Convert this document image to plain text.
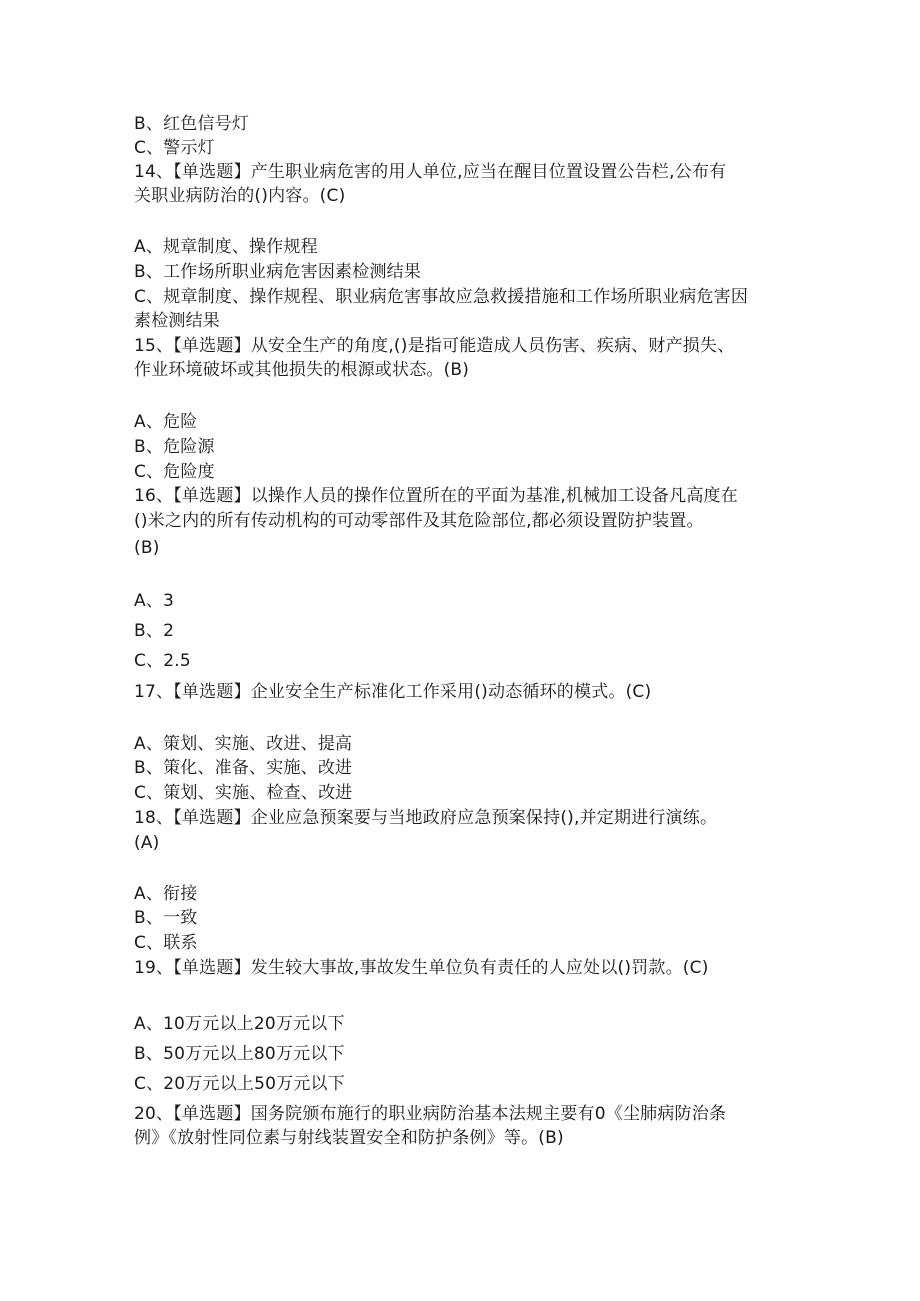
B、红色信号灯
C、警示灯
14、【单选题】产生职业病危害的用人单位,应当在醒目位置设置公告栏,公布有
关职业病防治的()内容。(C)
A、规章制度、操作规程
B、工作场所职业病危害因素检测结果
C、规章制度、操作规程、职业病危害事故应急救援措施和工作场所职业病危害因
素检测结果
15、【单选题】从安全生产的角度,()是指可能造成人员伤害、疾病、财产损失、
作业环境破坏或其他损失的根源或状态。(B)
A、危险
B、危险源
C、危险度
16、【单选题】以操作人员的操作位置所在的平面为基准,机械加工设备凡高度在
()米之内的所有传动机构的可动零部件及其危险部位,都必须设置防护装置。
(B)
A、3
B、2
C、2.5
17、【单选题】企业安全生产标准化工作采用()动态循环的模式。(C)
A、策划、实施、改进、提高
B、策化、准备、实施、改进
C、策划、实施、检查、改进
18、【单选题】企业应急预案要与当地政府应急预案保持(),并定期进行演练。
(A)
A、衔接
B、一致
C、联系
19、【单选题】发生较大事故,事故发生单位负有责任的人应处以()罚款。(C)
A、10万元以上20万元以下
B、50万元以上80万元以下
C、20万元以上50万元以下
20、【单选题】国务院颁布施行的职业病防治基本法规主要有0《尘肺病防治条
例》《放射性同位素与射线装置安全和防护条例》等。(B)
